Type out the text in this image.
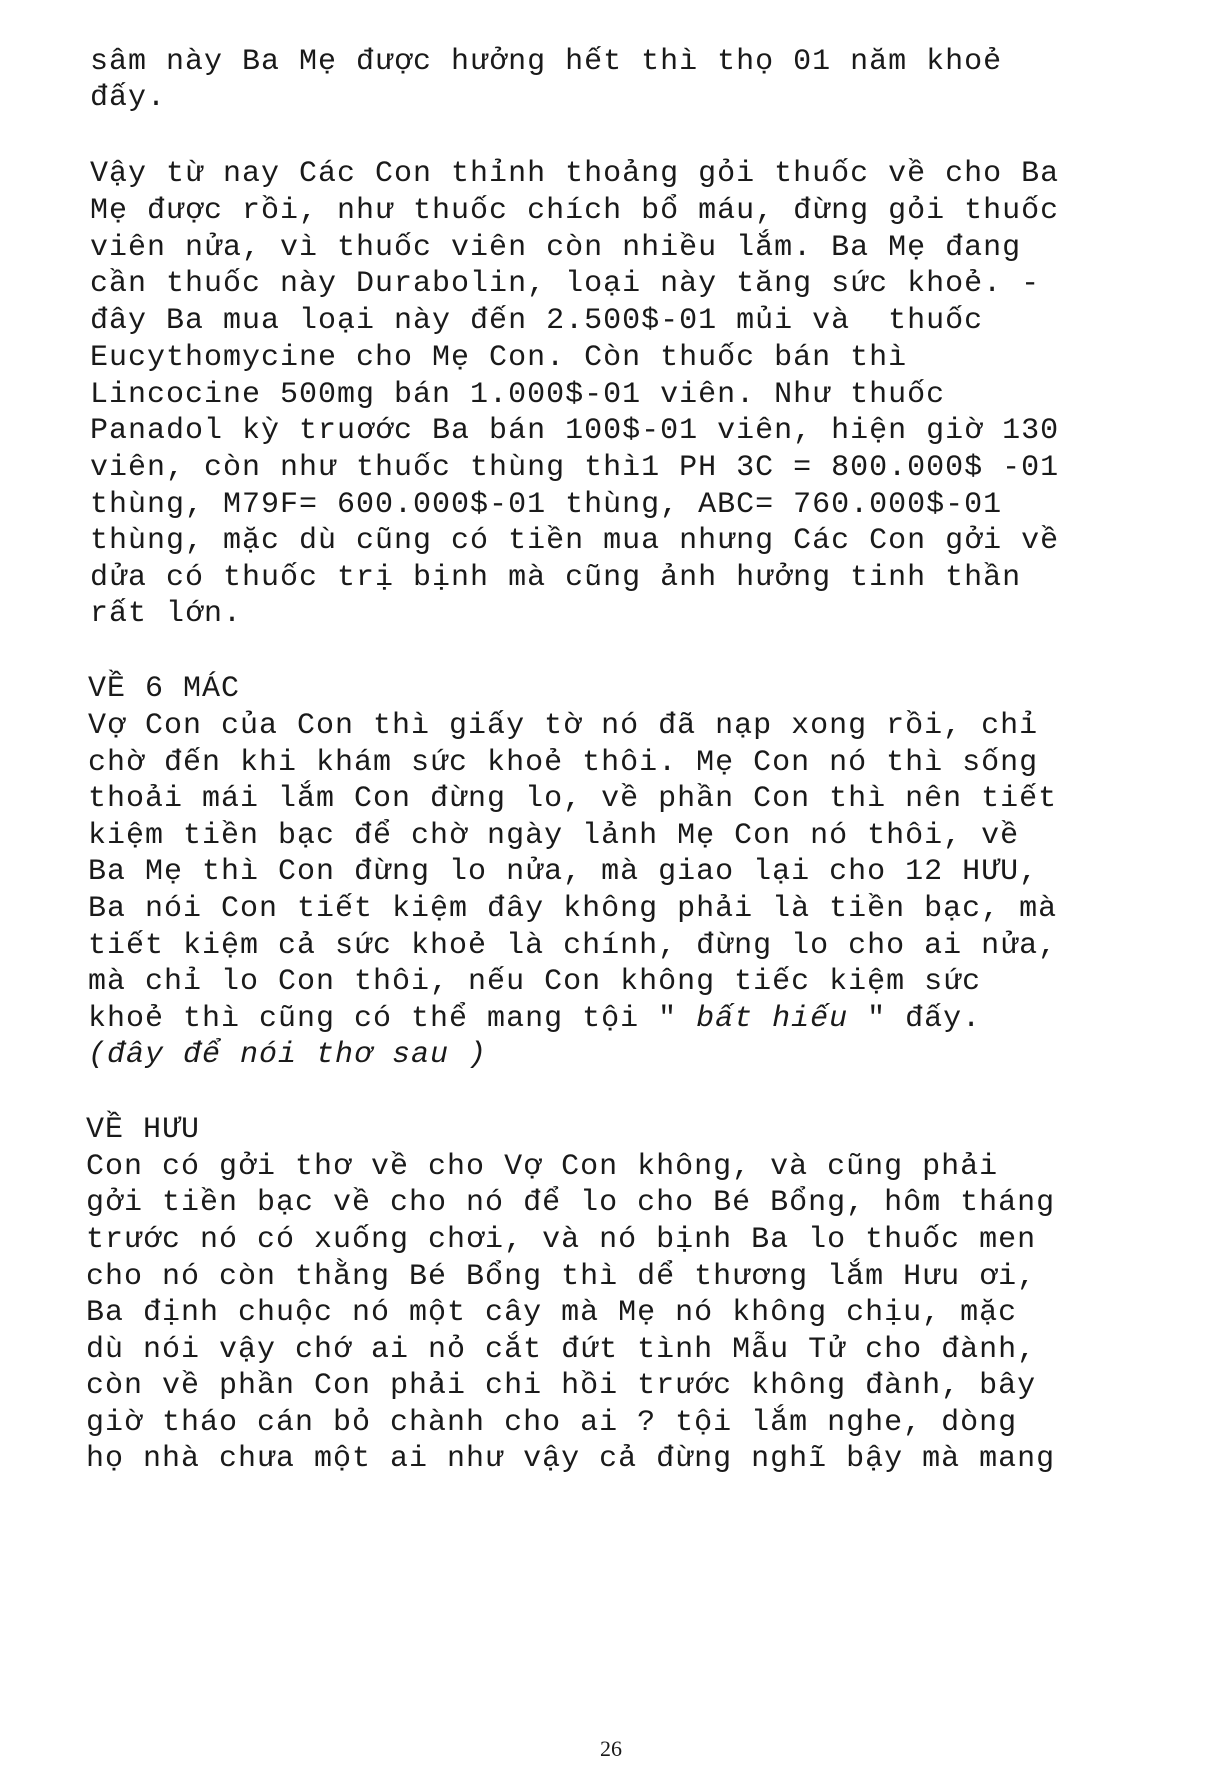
sâm này Ba Mẹ được hưởng hết thì thọ 01 năm khoẻ
đấy.
Vậy từ nay Các Con thỉnh thoảng gỏi thuốc về cho Ba
Mẹ được rồi, như thuốc chích bổ máu, đừng gỏi thuốc
viên nửa, vì thuốc viên còn nhiều lắm. Ba Mẹ đang
cần thuốc này Durabolin, loại này tăng sức khoẻ. -
đây Ba mua loại này đến 2.500$-01 mủi và  thuốc
Eucythomycine cho Mẹ Con. Còn thuốc bán thì
Lincocine 500mg bán 1.000$-01 viên. Như thuốc
Panadol kỳ truơớc Ba bán 100$-01 viên, hiện giờ 130
viên, còn như thuốc thùng thì1 PH 3C = 800.000$ -01
thùng, M79F= 600.000$-01 thùng, ABC= 760.000$-01
thùng, mặc dù cũng có tiền mua nhưng Các Con gởi về
dửa có thuốc trị bịnh mà cũng ảnh hưởng tinh thần
rất lớn.
VỀ 6 MÁC
Vợ Con của Con thì giấy tờ nó đã nạp xong rồi, chỉ
chờ đến khi khám sức khoẻ thôi. Mẹ Con nó thì sống
thoải mái lắm Con đừng lo, về phần Con thì nên tiết
kiệm tiền bạc để chờ ngày lảnh Mẹ Con nó thôi, về
Ba Mẹ thì Con đừng lo nửa, mà giao lại cho 12 HƯU,
Ba nói Con tiết kiệm đây không phải là tiền bạc, mà
tiết kiệm cả sức khoẻ là chính, đừng lo cho ai nửa,
mà chỉ lo Con thôi, nếu Con không tiếc kiệm sức
khoẻ thì cũng có thể mang tội " bất hiếu " đấy.
(đây để nói thơ sau )
VỀ HƯU
Con có gởi thơ về cho Vợ Con không, và cũng phải
gởi tiền bạc về cho nó để lo cho Bé Bổng, hôm tháng
trước nó có xuống chơi, và nó bịnh Ba lo thuốc men
cho nó còn thằng Bé Bổng thì dể thương lắm Hưu ơi,
Ba định chuộc nó một cây mà Mẹ nó không chịu, mặc
dù nói vậy chớ ai nỏ cắt đứt tình Mẫu Tử cho đành,
còn về phần Con phải chi hồi trước không đành, bây
giờ tháo cán bỏ chành cho ai ? tội lắm nghe, dòng
họ nhà chưa một ai như vậy cả đừng nghĩ bậy mà mang
26
